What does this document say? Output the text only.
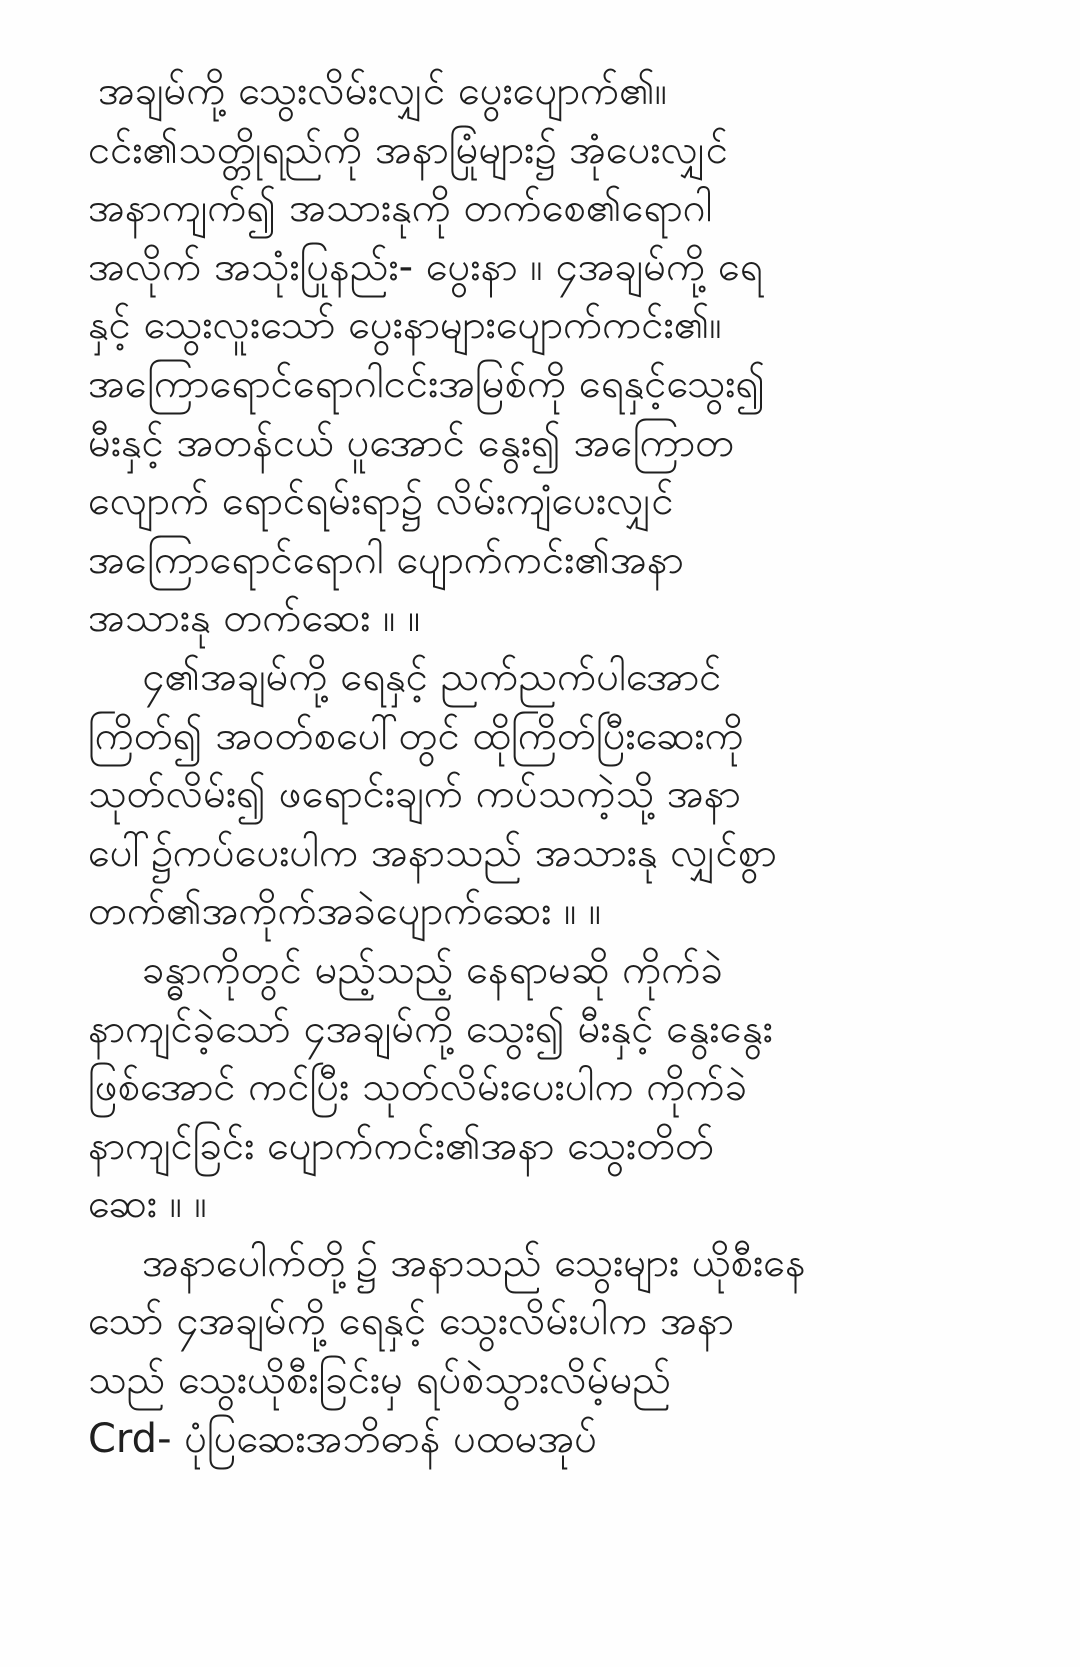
အချမ်ကို့ သွေးလိမ်းလျှင် ပွေးပျောက်၏။
ငင်း၏သတ္တိုရည်ကို အနာမြုံများ၌ အုံပေးလျှင်
အနာကျက်၍ အသားနုကို တက်စေ၏ရောဂါ
အလိုက် အသုံးပြုနည်း- ပွေးနာ ။ ၄အချမ်ကို့ ရေ
နှင့် သွေးလူးသော် ပွေးနာများပျောက်ကင်း၏။
အကြောရောင်ရောဂါငင်းအမြစ်ကို ရေနှင့်သွေး၍
မီးနှင့် အတန်ငယ် ပူအောင် နွေး၍ အကြောတ
လျောက် ရောင်ရမ်းရာ၌ လိမ်းကျံပေးလျှင်
အကြောရောင်ရောဂါ ပျောက်ကင်း၏အနာ
အသားနု တက်ဆေး ။ ။
၄၏အချမ်ကို့ ရေနှင့် ညက်ညက်ပါအောင်
ကြိတ်၍ အဝတ်စပေါ်တွင် ထိုကြိတ်ပြီးဆေးကို
သုတ်လိမ်း၍ ဖရောင်းချက် ကပ်သကဲ့သို့ အနာ
ပေါ်၌ကပ်ပေးပါက အနာသည် အသားနု လျှင်စွာ
တက်၏အကိုက်အခဲပျောက်ဆေး ။ ။
ခန္ဓာကိုတွင် မည့်သည့် နေရာမဆို ကိုက်ခဲ
နာကျင်ခဲ့သော် ၄အချမ်ကို့ သွေး၍ မီးနှင့် နွေးနွေး
ဖြစ်အောင် ကင်ပြီး သုတ်လိမ်းပေးပါက ကိုက်ခဲ
နာကျင်ခြင်း ပျောက်ကင်း၏အနာ သွေးတိတ်
ဆေး ။ ။
အနာပေါက်တို့၌ အနာသည် သွေးများ ယိုစီးနေ
သော် ၄အချမ်ကို့ ရေနှင့် သွေးလိမ်းပါက အနာ
သည် သွေးယိုစီးခြင်းမှ ရပ်စဲသွားလိမ့်မည်
Crd- ပုံပြဆေးအဘိဓာန် ပထမအုပ်
